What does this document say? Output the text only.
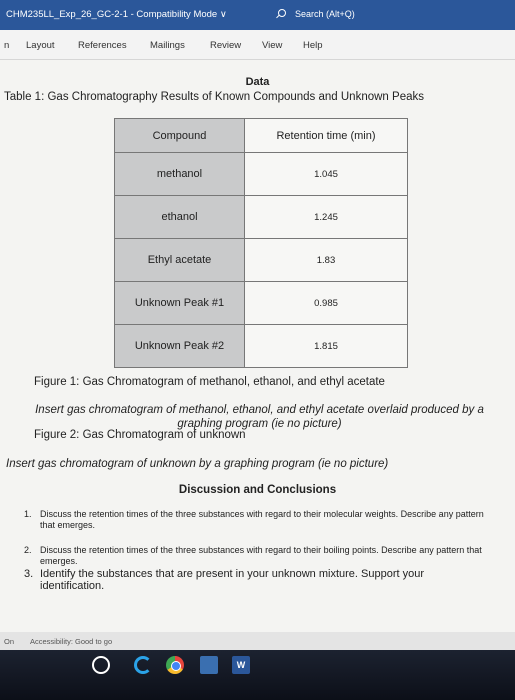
CHM235LL_Exp_26_GC-2-1 - Compatibility Mode ∨	Search (Alt+Q)
n Layout References Mailings	Review View Help
Data
Table 1: Gas Chromatography Results of Known Compounds and Unknown Peaks
Compound	Retention time (min)
methanol	1.045
ethanol	1.245
Ethyl acetate	1.83
Unknown Peak #1	0.985
Unknown Peak #2	1.815
Figure 1: Gas Chromatogram of methanol, ethanol, and ethyl acetate
Insert gas chromatogram of methanol, ethanol, and ethyl acetate overlaid produced by a graphing program (ie no picture)
Figure 2: Gas Chromatogram of unknown
Insert gas chromatogram of unknown by a graphing program (ie no picture)
Discussion and Conclusions
1. Discuss the retention times of the three substances with regard to their molecular weights. Describe any pattern that emerges.
2. Discuss the retention times of the three substances with regard to their boiling points. Describe any pattern that emerges.
3. Identify the substances that are present in your unknown mixture. Support your identification.
On Accessibility: Good to go
W
